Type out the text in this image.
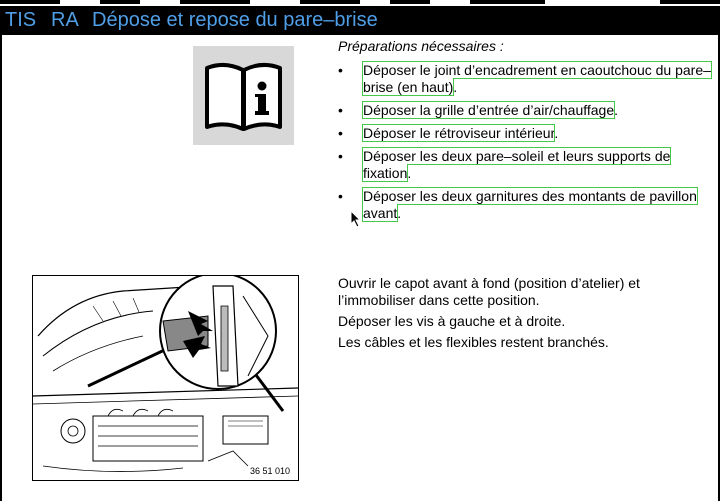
TIS RA Dépose et repose du pare–brise
Préparations nécessaires :
• Déposer le joint d’encadrement en caoutchouc du pare–brise (en haut).
• Déposer la grille d’entrée d’air/chauffage.
• Déposer le rétroviseur intérieur.
• Déposer les deux pare–soleil et leurs supports de fixation.
• Déposer les deux garnitures des montants de pavillon avant.
36 51 010

Ouvrir le capot avant à fond (position d’atelier) et l’immobiliser dans cette position.

Déposer les vis à gauche et à droite.

Les câbles et les flexibles restent branchés.
